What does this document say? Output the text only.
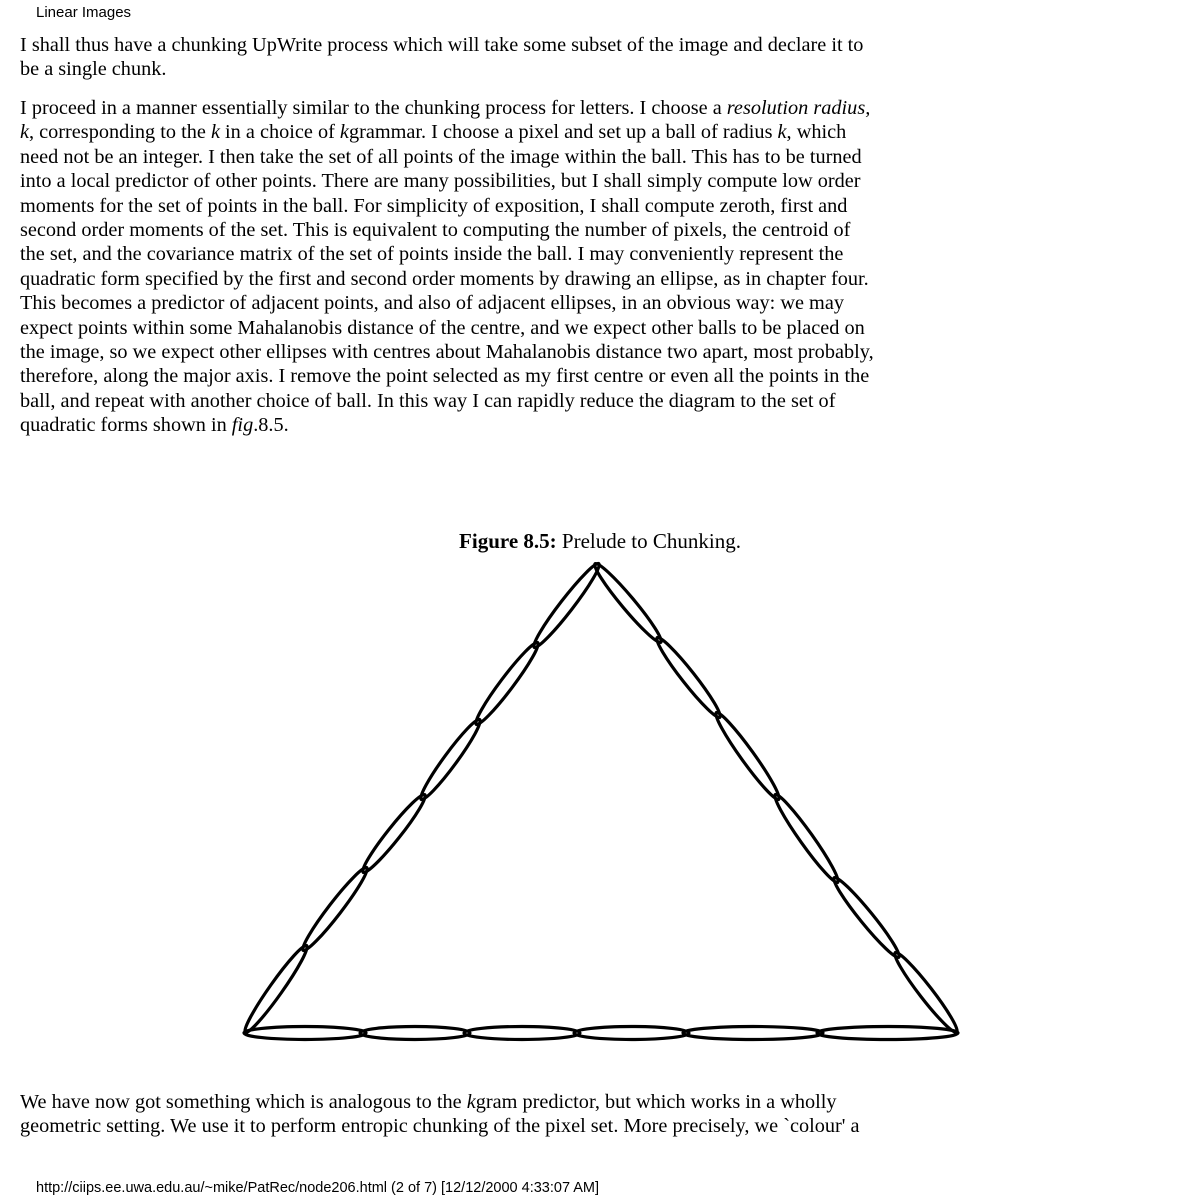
Linear Images
I shall thus have a chunking UpWrite process which will take some subset of the image and declare it to
be a single chunk.
I proceed in a manner essentially similar to the chunking process for letters. I choose a resolution radius,
k, corresponding to the k in a choice of kgrammar. I choose a pixel and set up a ball of radius k, which
need not be an integer. I then take the set of all points of the image within the ball. This has to be turned
into a local predictor of other points. There are many possibilities, but I shall simply compute low order
moments for the set of points in the ball. For simplicity of exposition, I shall compute zeroth, first and
second order moments of the set. This is equivalent to computing the number of pixels, the centroid of
the set, and the covariance matrix of the set of points inside the ball. I may conveniently represent the
quadratic form specified by the first and second order moments by drawing an ellipse, as in chapter four.
This becomes a predictor of adjacent points, and also of adjacent ellipses, in an obvious way: we may
expect points within some Mahalanobis distance of the centre, and we expect other balls to be placed on
the image, so we expect other ellipses with centres about Mahalanobis distance two apart, most probably,
therefore, along the major axis. I remove the point selected as my first centre or even all the points in the
ball, and repeat with another choice of ball. In this way I can rapidly reduce the diagram to the set of
quadratic forms shown in fig.8.5.
Figure 8.5: Prelude to Chunking.
We have now got something which is analogous to the kgram predictor, but which works in a wholly
geometric setting. We use it to perform entropic chunking of the pixel set. More precisely, we `colour' a
http://ciips.ee.uwa.edu.au/~mike/PatRec/node206.html (2 of 7) [12/12/2000 4:33:07 AM]
